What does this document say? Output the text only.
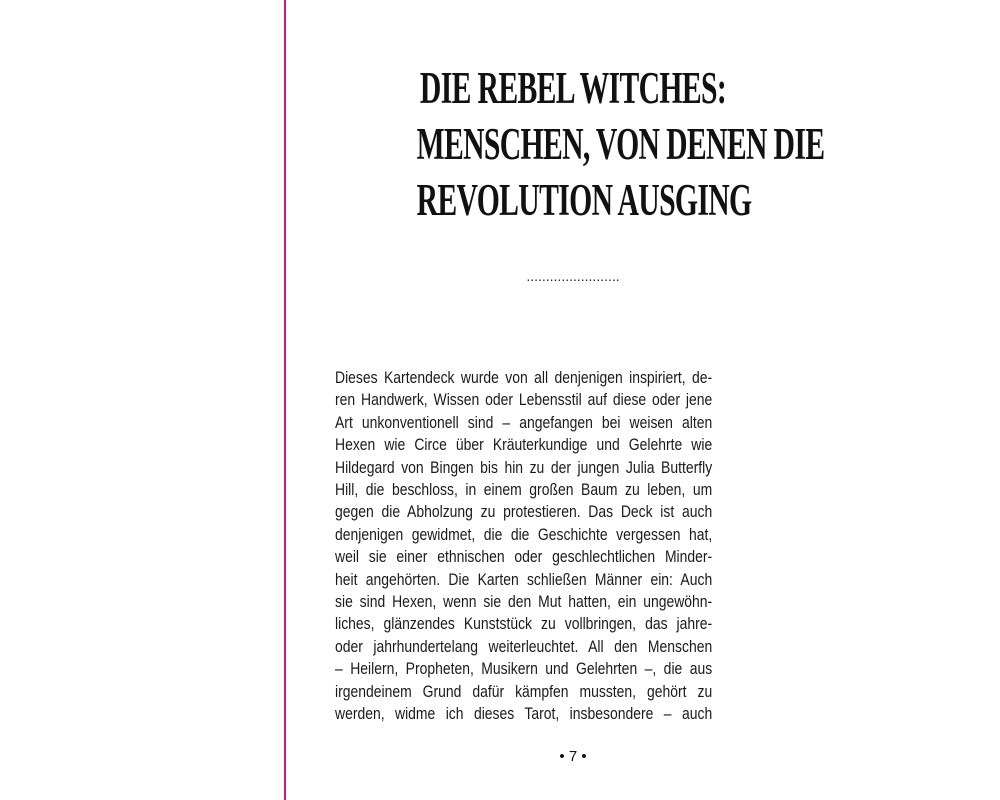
DIE REBEL WITCHES:
MENSCHEN, VON DENEN DIE
REVOLUTION AUSGING
........................
Dieses Kartendeck wurde von all denjenigen inspiriert, de-
ren Handwerk, Wissen oder Lebensstil auf diese oder jene
Art unkonventionell sind – angefangen bei weisen alten
Hexen wie Circe über Kräuterkundige und Gelehrte wie
Hildegard von Bingen bis hin zu der jungen Julia Butterfly
Hill, die beschloss, in einem großen Baum zu leben, um
gegen die Abholzung zu protestieren. Das Deck ist auch
denjenigen gewidmet, die die Geschichte vergessen hat,
weil sie einer ethnischen oder geschlechtlichen Minder-
heit angehörten. Die Karten schließen Männer ein: Auch
sie sind Hexen, wenn sie den Mut hatten, ein ungewöhn-
liches, glänzendes Kunststück zu vollbringen, das jahre-
oder jahrhundertelang weiterleuchtet. All den Menschen
– Heilern, Propheten, Musikern und Gelehrten –, die aus
irgendeinem Grund dafür kämpfen mussten, gehört zu
werden, widme ich dieses Tarot, insbesondere – auch
• 7 •
